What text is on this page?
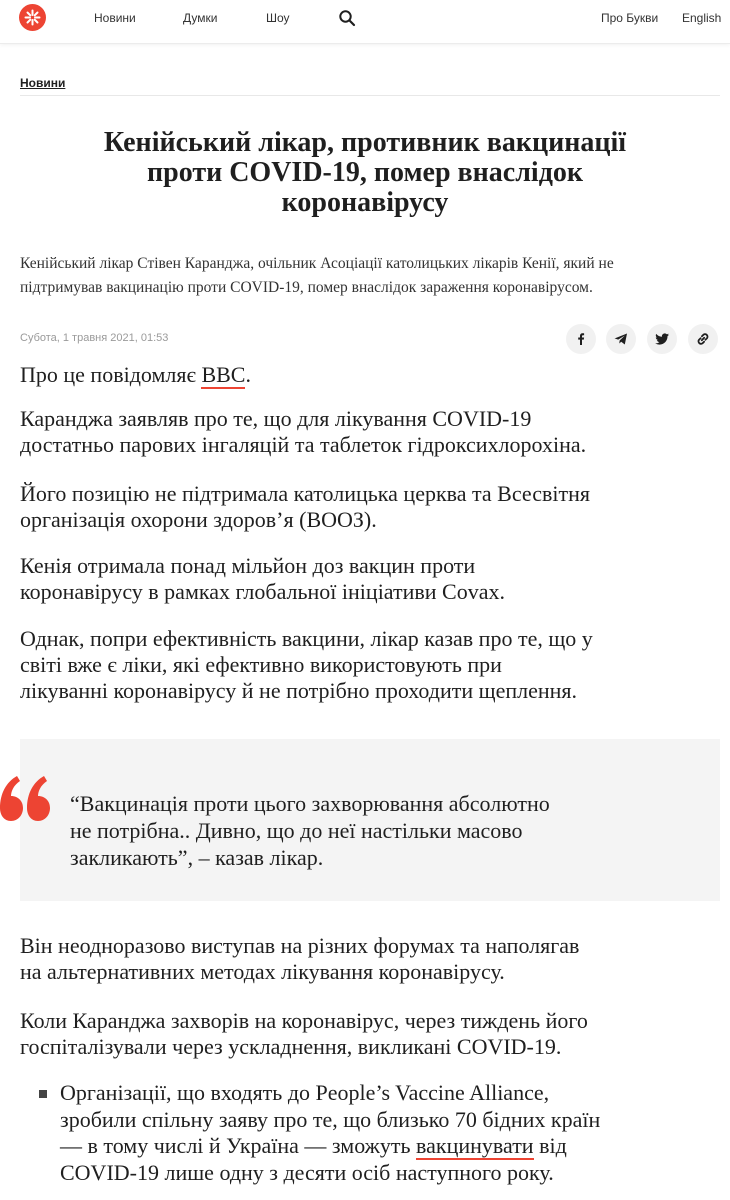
Новини	Думки	Шоу	Про Букви English
Новини
Кенійський лікар, противник вакцинації
проти COVID-19, помер внаслідок
коронавірусу
Кенійський лікар Стівен Каранджа, очільник Асоціації католицьких лікарів Кенії, який не
підтримував вакцинацію проти COVID-19, помер внаслідок зараження коронавірусом.
Субота, 1 травня 2021, 01:53

Про це повідомляє BBC.

Каранджа заявляв про те, що для лікування COVID-19
достатньо парових інгаляцій та таблеток гідроксихлорохіна.

Його позицію не підтримала католицька церква та Всесвітня
організація охорони здоров’я (ВООЗ).

Кенія отримала понад мільйон доз вакцин проти
коронавірусу в рамках глобальної ініціативи Covax.

Однак, попри ефективність вакцини, лікар казав про те, що у
світі вже є ліки, які ефективно використовують при
лікуванні коронавірусу й не потрібно проходити щеплення.

“Вакцинація проти цього захворювання абсолютно
не потрібна.. Дивно, що до неї настільки масово
закликають”, – казав лікар.

Він неодноразово виступав на різних форумах та наполягав
на альтернативних методах лікування коронавірусу.

Коли Каранджа захворів на коронавірус, через тиждень його
госпіталізували через ускладнення, викликані COVID-19.

Організації, що входять до People’s Vaccine Alliance,
зробили спільну заяву про те, що близько 70 бідних країн
— в тому числі й Україна — зможуть вакцинувати від
COVID-19 лише одну з десяти осіб наступного року.
